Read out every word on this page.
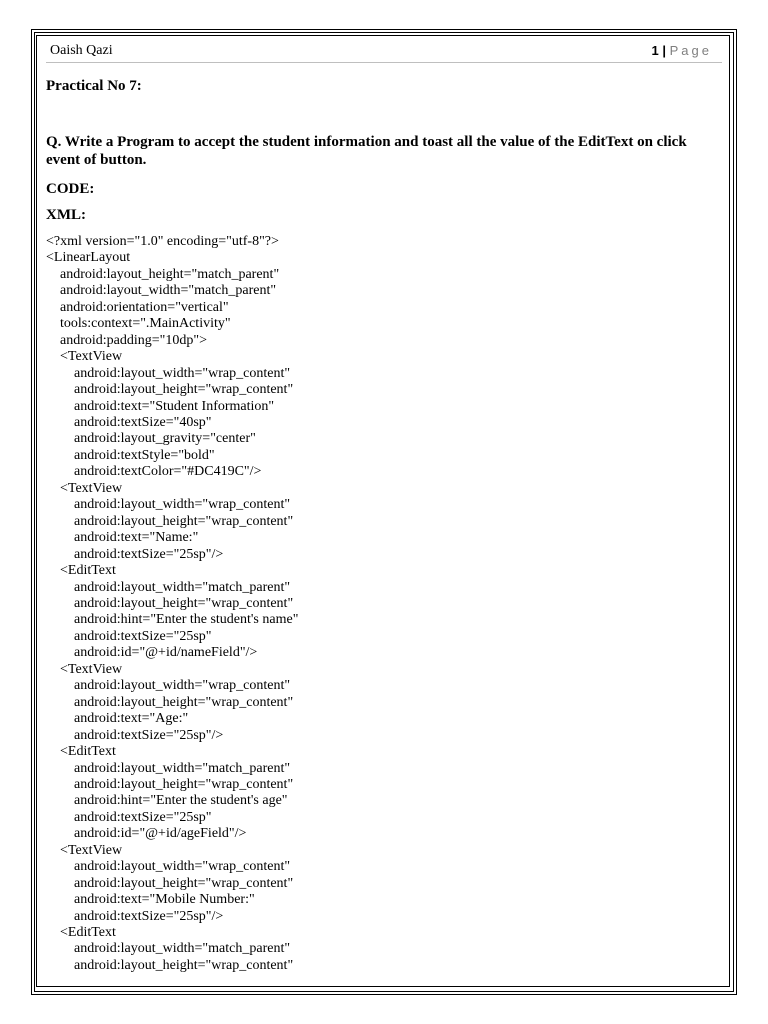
Oaish Qazi	1 | Page

Practical No 7:

Q. Write a Program to accept the student information and toast all the value of the EditText on click event of button.

CODE:

XML:

<?xml version="1.0" encoding="utf-8"?>
<LinearLayout
android:layout_height="match_parent"
android:layout_width="match_parent"
android:orientation="vertical"
tools:context=".MainActivity"
android:padding="10dp">
<TextView
android:layout_width="wrap_content"
android:layout_height="wrap_content"
android:text="Student Information"
android:textSize="40sp"
android:layout_gravity="center"
android:textStyle="bold"
android:textColor="#DC419C"/>
<TextView
android:layout_width="wrap_content"
android:layout_height="wrap_content"
android:text="Name:"
android:textSize="25sp"/>
<EditText
android:layout_width="match_parent"
android:layout_height="wrap_content"
android:hint="Enter the student's name"
android:textSize="25sp"
android:id="@+id/nameField"/>
<TextView
android:layout_width="wrap_content"
android:layout_height="wrap_content"
android:text="Age:"
android:textSize="25sp"/>
<EditText
android:layout_width="match_parent"
android:layout_height="wrap_content"
android:hint="Enter the student's age"
android:textSize="25sp"
android:id="@+id/ageField"/>
<TextView
android:layout_width="wrap_content"
android:layout_height="wrap_content"
android:text="Mobile Number:"
android:textSize="25sp"/>
<EditText
android:layout_width="match_parent"
android:layout_height="wrap_content"
